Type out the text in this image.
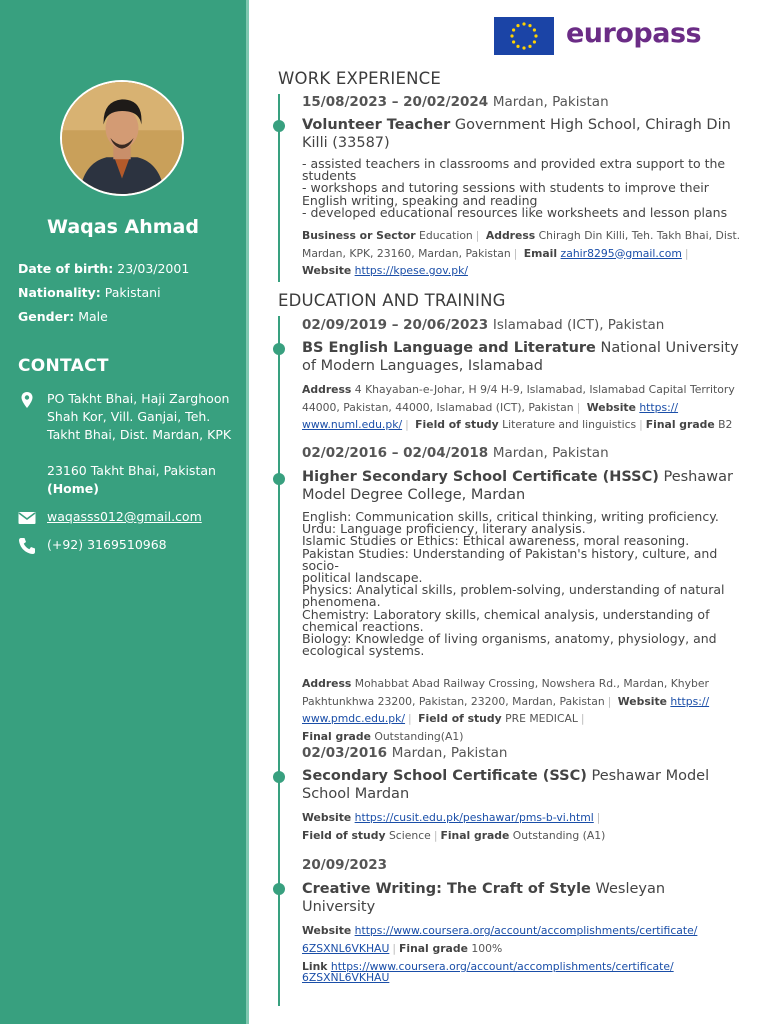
Waqas Ahmad
Date of birth: 23/03/2001
Nationality: Pakistani
Gender: Male
CONTACT
PO Takht Bhai, Haji Zarghoon Shah Kor, Vill. Ganjai, Teh. Takht Bhai, Dist. Mardan, KPK
23160 Takht Bhai, Pakistan
(Home)
waqasss012@gmail.com
(+92) 3169510968
europass
WORK EXPERIENCE
15/08/2023 – 20/02/2024 Mardan, Pakistan
Volunteer Teacher Government High School, Chiragh Din Killi (33587)
- assisted teachers in classrooms and provided extra support to the
students
- workshops and tutoring sessions with students to improve their
English writing, speaking and reading
- developed educational resources like worksheets and lesson plans
Business or Sector Education | Address Chiragh Din Killi, Teh. Takh Bhai, Dist. Mardan, KPK, 23160, Mardan, Pakistan | Email zahir8295@gmail.com |
Website https://kpese.gov.pk/
EDUCATION AND TRAINING
02/09/2019 – 20/06/2023 Islamabad (ICT), Pakistan
BS English Language and Literature National University of Modern Languages, Islamabad
Address 4 Khayaban-e-Johar, H 9/4 H-9, Islamabad, Islamabad Capital Territory 44000, Pakistan, 44000, Islamabad (ICT), Pakistan | Website https://
www.numl.edu.pk/ | Field of study Literature and linguistics | Final grade B2
02/02/2016 – 02/04/2018 Mardan, Pakistan
Higher Secondary School Certificate (HSSC) Peshawar Model Degree College, Mardan
English: Communication skills, critical thinking, writing proficiency.
Urdu: Language proficiency, literary analysis.
Islamic Studies or Ethics: Ethical awareness, moral reasoning.
Pakistan Studies: Understanding of Pakistan's history, culture, and socio-
political landscape.
Physics: Analytical skills, problem-solving, understanding of natural
phenomena.
Chemistry: Laboratory skills, chemical analysis, understanding of
chemical reactions.
Biology: Knowledge of living organisms, anatomy, physiology, and
ecological systems.
Address Mohabbat Abad Railway Crossing, Nowshera Rd., Mardan, Khyber Pakhtunkhwa 23200, Pakistan, 23200, Mardan, Pakistan | Website https://
www.pmdc.edu.pk/ | Field of study PRE MEDICAL |
Final grade Outstanding(A1)
02/03/2016 Mardan, Pakistan
Secondary School Certificate (SSC) Peshawar Model School Mardan
Website https://cusit.edu.pk/peshawar/pms-b-vi.html |
Field of study Science | Final grade Outstanding (A1)
20/09/2023
Creative Writing: The Craft of Style Wesleyan University
Website https://www.coursera.org/account/accomplishments/certificate/
6ZSXNL6VKHAU | Final grade 100%
Link https://www.coursera.org/account/accomplishments/certificate/
6ZSXNL6VKHAU
